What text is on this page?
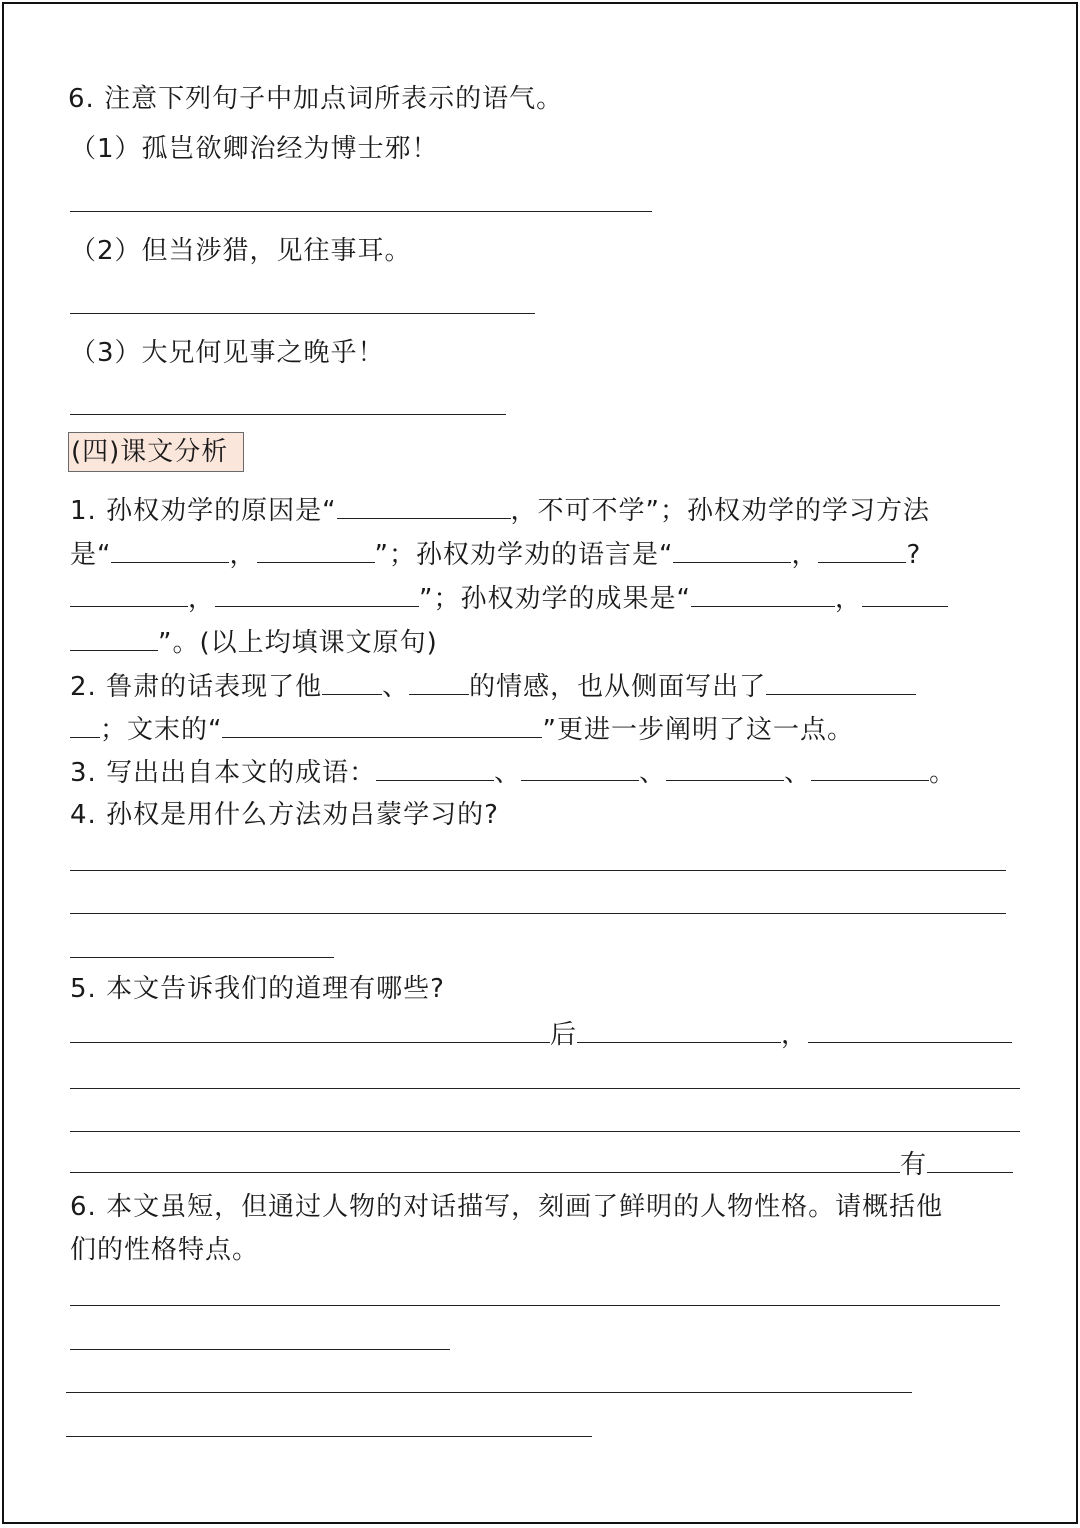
6. 注意下列句子中加点词所表示的语气。
（1）孤岂欲卿治经为博士邪！
（2）但当涉猎，见往事耳。
（3）大兄何见事之晚乎！
(四)课文分析
1. 孙权劝学的原因是“	，不可不学”；孙权劝学的学习方法
是“	，	”；孙权劝学劝的语言是“	，	?
，	”；孙权劝学的成果是“	，
”。(以上均填课文原句)
2. 鲁肃的话表现了他 、 的情感，也从侧面写出了
；文末的“	”更进一步阐明了这一点。
3. 写出出自本文的成语：	、	、	、	。
4. 孙权是用什么方法劝吕蒙学习的?
5. 本文告诉我们的道理有哪些?
后	，
有
6. 本文虽短，但通过人物的对话描写，刻画了鲜明的人物性格。请概括他
们的性格特点。
